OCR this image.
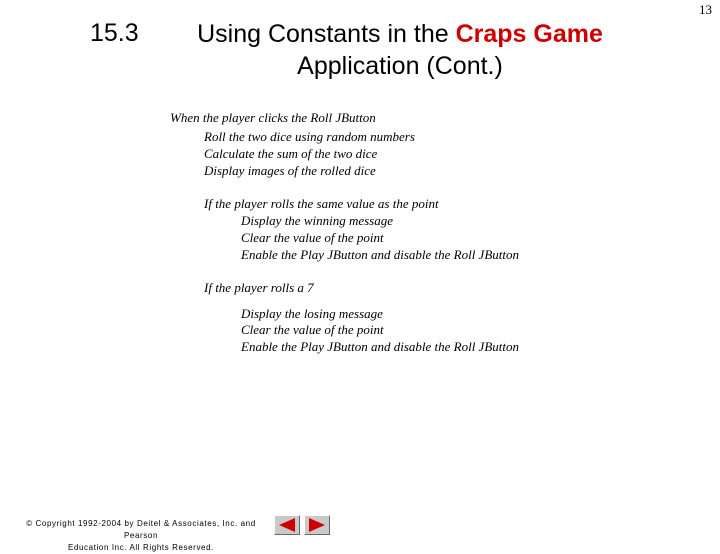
13
15.3	Using Constants in the Craps Game Application (Cont.)
When the player clicks the Roll JButton
Roll the two dice using random numbers
Calculate the sum of the two dice
Display images of the rolled dice
If the player rolls the same value as the point
Display the winning message
Clear the value of the point
Enable the Play JButton and disable the Roll JButton
If the player rolls a 7
Display the losing message
Clear the value of the point
Enable the Play JButton and disable the Roll JButton
© Copyright 1992-2004 by Deitel & Associates, Inc. and Pearson
Education Inc. All Rights Reserved.
